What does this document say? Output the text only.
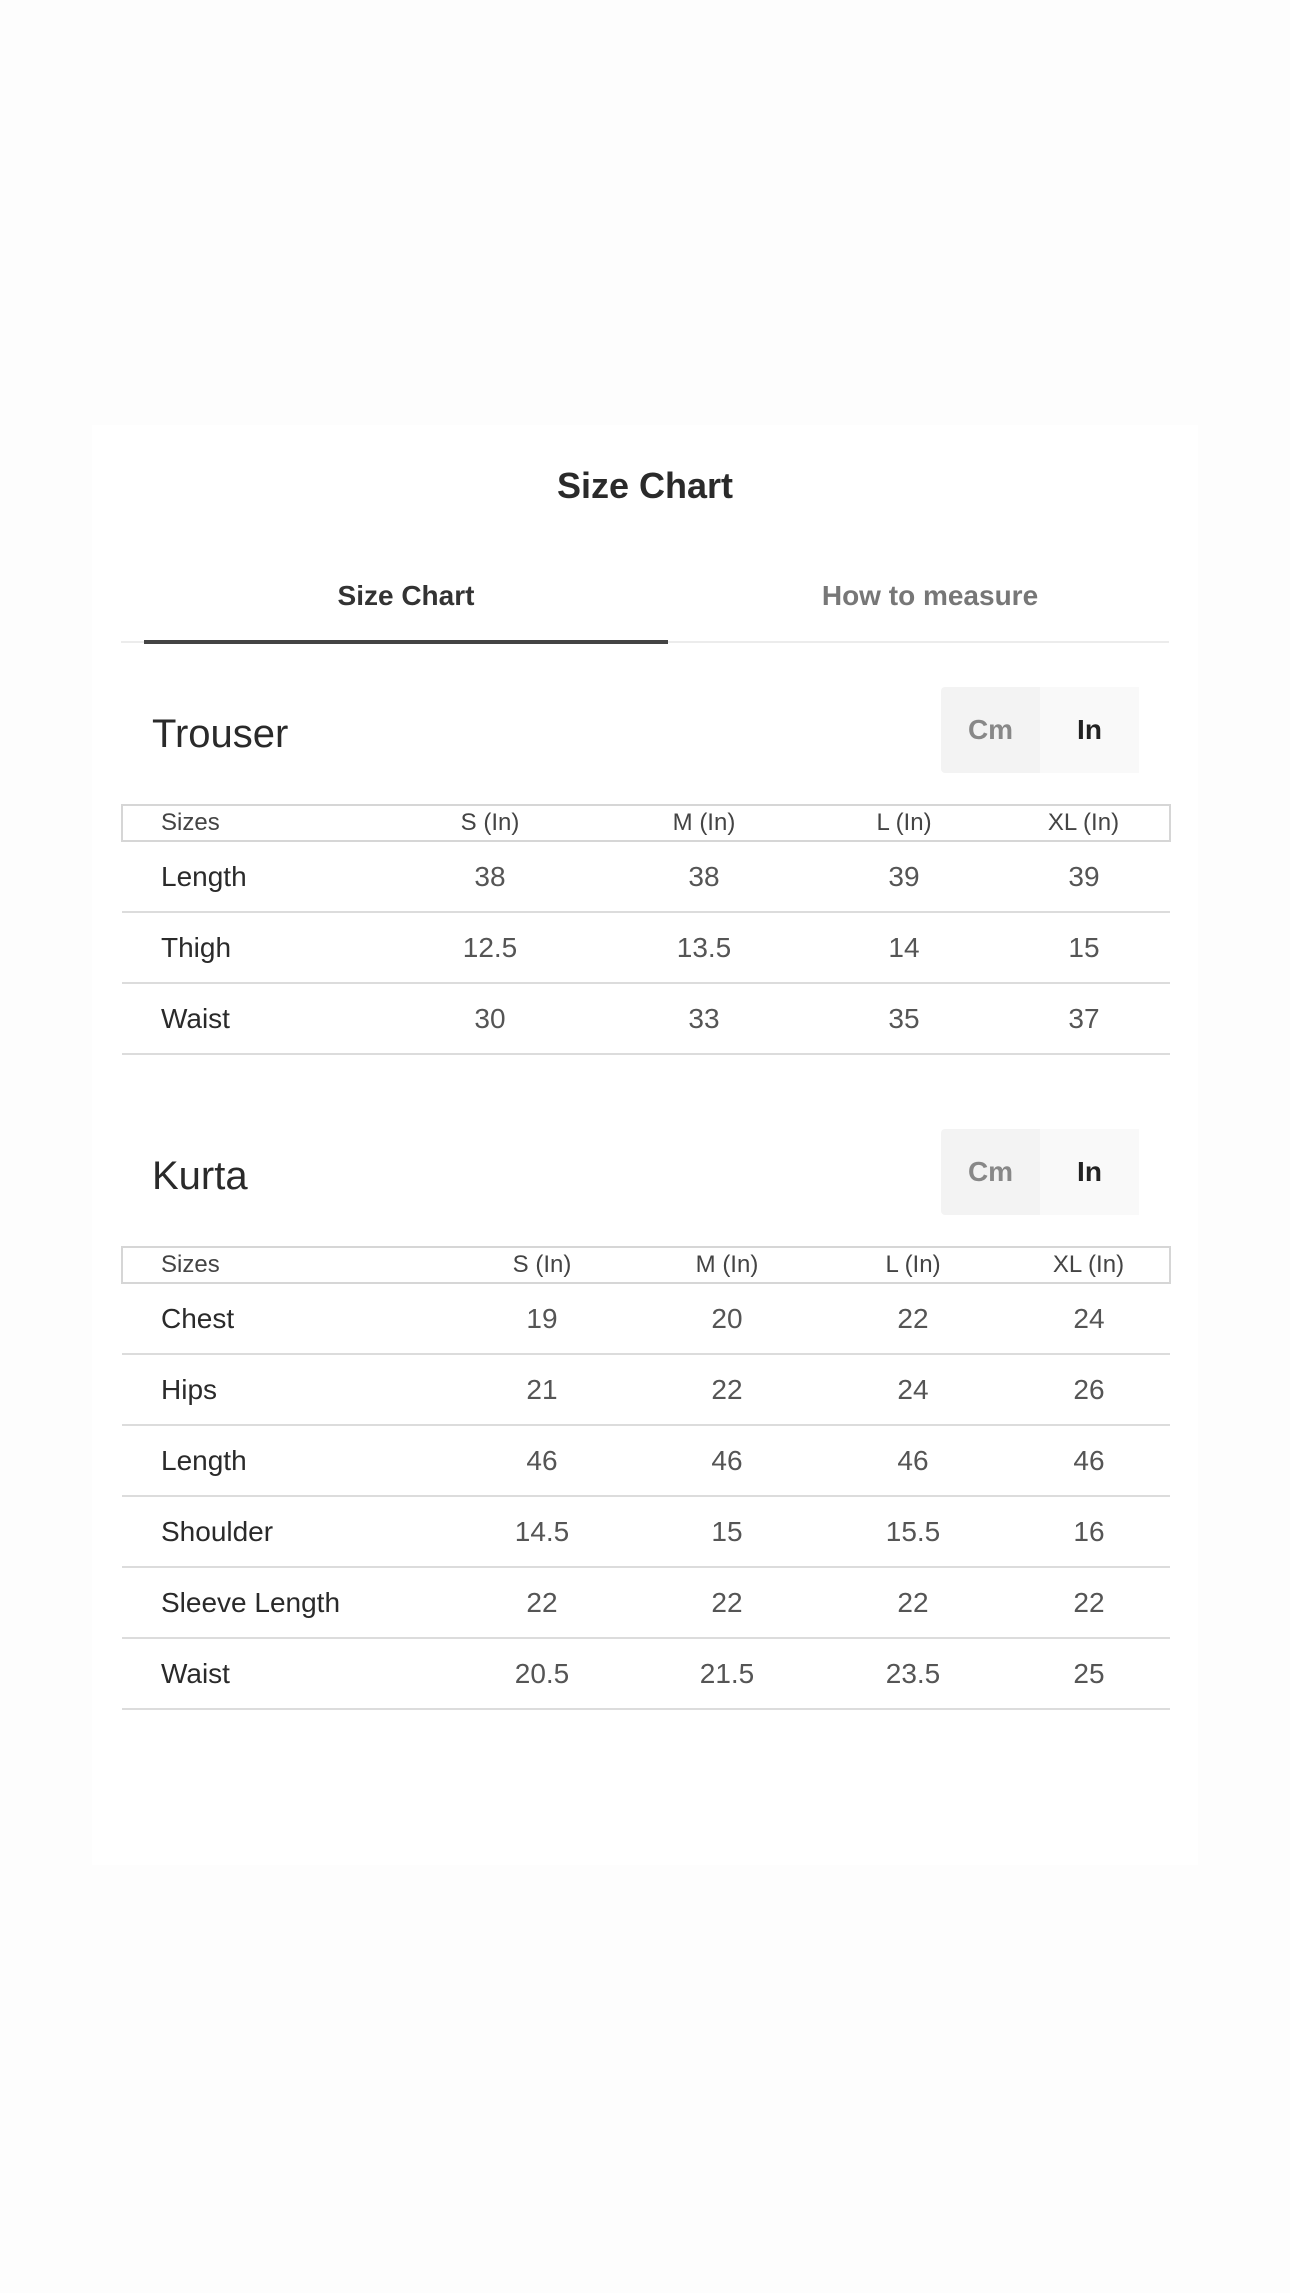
Size Chart
Size Chart	How to measure
Trouser	Cm	In
Sizes	S (In)	M (In)	L (In)	XL (In)
Length	38	38	39	39
Thigh	12.5	13.5	14	15
Waist	30	33	35	37
Kurta	Cm	In
Sizes	S (In)	M (In)	L (In)	XL (In)
Chest	19	20	22	24
Hips	21	22	24	26
Length	46	46	46	46
Shoulder	14.5	15	15.5	16
Sleeve Length	22	22	22	22
Waist	20.5	21.5	23.5	25
